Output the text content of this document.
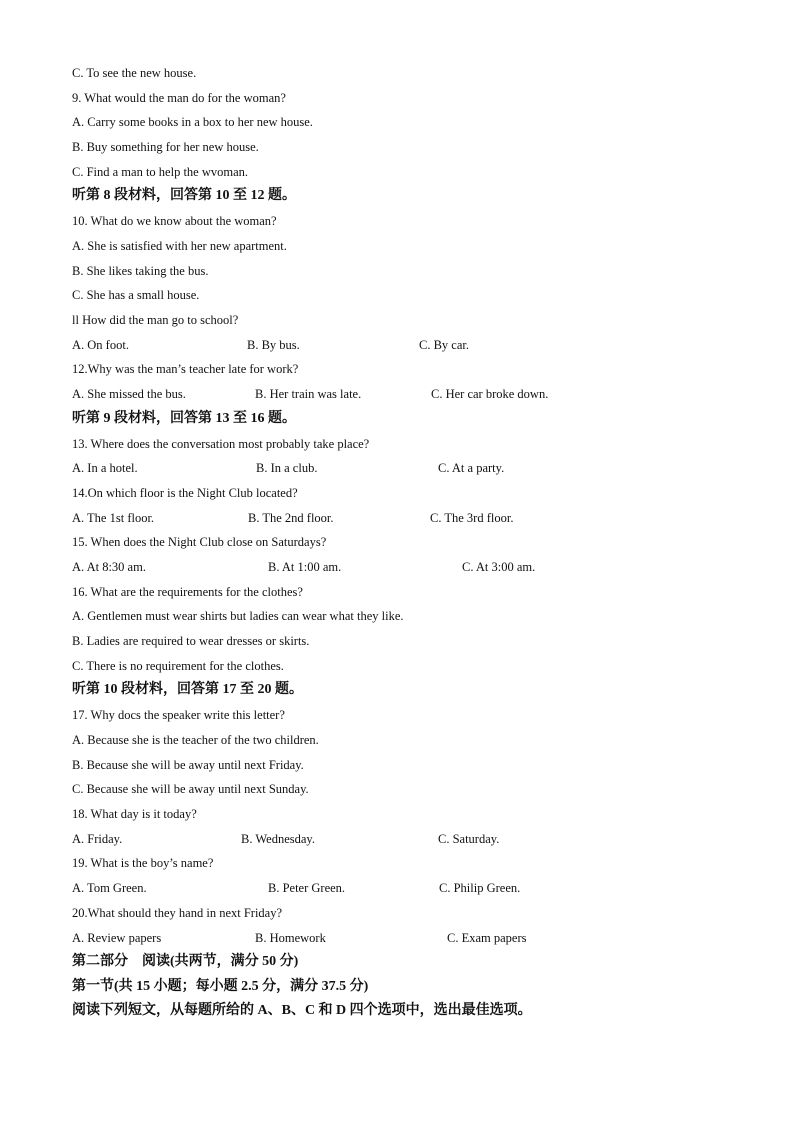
C. To see the new house.
9. What would the man do for the woman?
A. Carry some books in a box to her new house.
B. Buy something for her new house.
C. Find a man to help the wvoman.
听第 8 段材料，回答第 10 至 12 题。
10. What do we know about the woman?
A. She is satisfied with her new apartment.
B. She likes taking the bus.
C. She has a small house.
ll How did the man go to school?
A. On foot.	B. By bus.	C. By car.
12.Why was the man’s teacher late for work?
A. She missed the bus.	B. Her train was late.	C. Her car broke down.
听第 9 段材料，回答第 13 至 16 题。
13. Where does the conversation most probably take place?
A. In a hotel.	B. In a club.	C. At a party.
14.On which floor is the Night Club located?
A. The 1st floor.	B. The 2nd floor.	C. The 3rd floor.
15. When does the Night Club close on Saturdays?
A. At 8:30 am.	B. At 1:00 am.	C. At 3:00 am.
16. What are the requirements for the clothes?
A. Gentlemen must wear shirts but ladies can wear what they like.
B. Ladies are required to wear dresses or skirts.
C. There is no requirement for the clothes.
听第 10 段材料，回答第 17 至 20 题。
17. Why docs the speaker write this letter?
A. Because she is the teacher of the two children.
B. Because she will be away until next Friday.
C. Because she will be away until next Sunday.
18. What day is it today?
A. Friday.	B. Wednesday.	C. Saturday.
19. What is the boy’s name?
A. Tom Green.	B. Peter Green.	C. Philip Green.
20.What should they hand in next Friday?
A. Review papers	B. Homework	C. Exam papers
第二部分　阅读(共两节，满分 50 分)
第一节(共 15 小题；每小题 2.5 分，满分 37.5 分)
阅读下列短文，从每题所给的 A、B、C 和 D 四个选项中，选出最佳选项。
